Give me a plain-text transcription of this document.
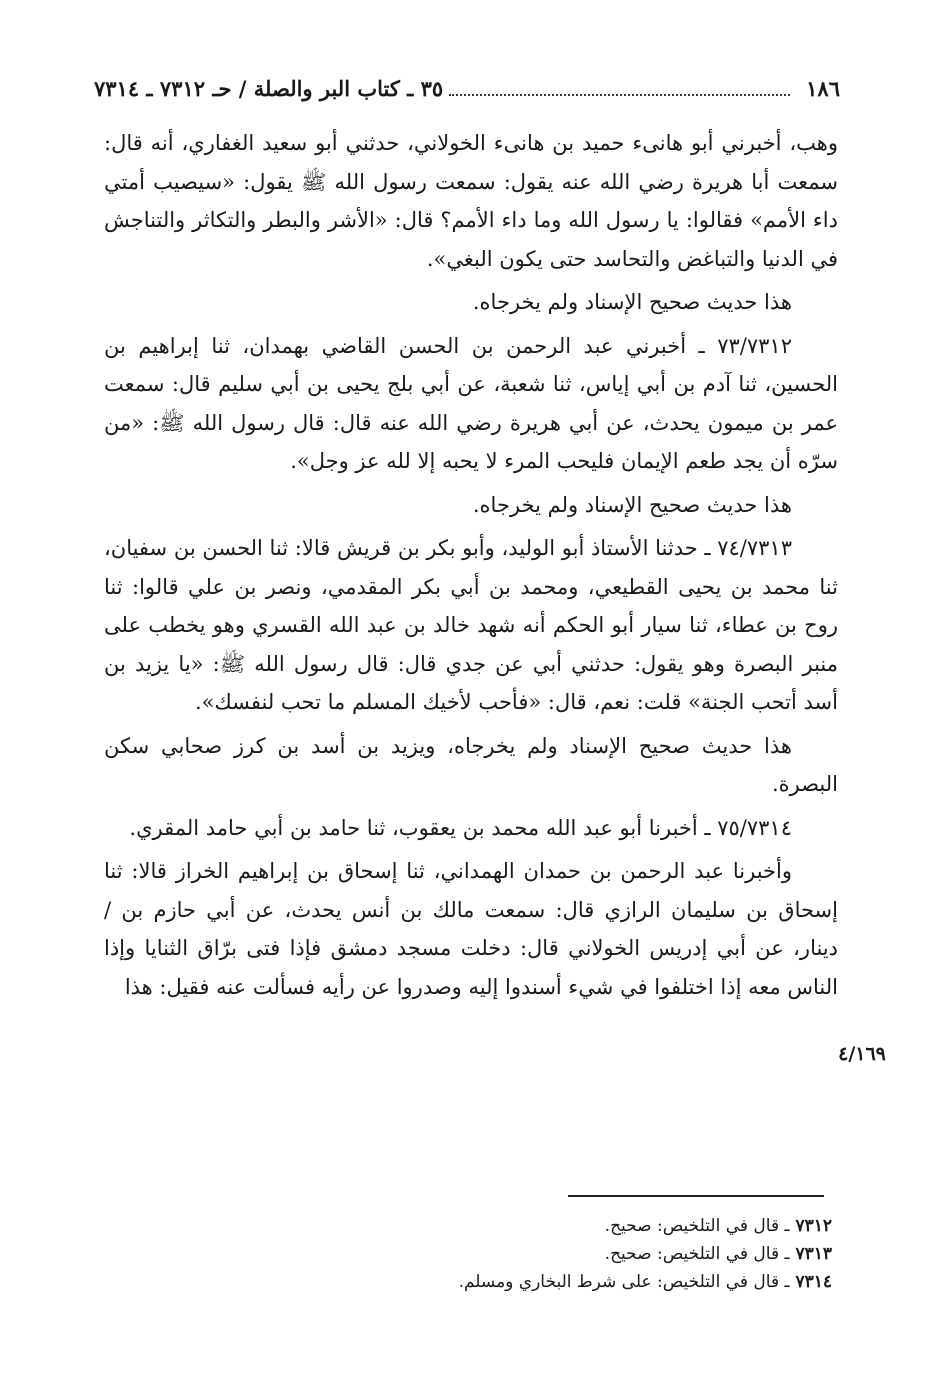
١٨٦
٣٥ ـ كتاب البر والصلة / حـ ٧٣١٢ ـ ٧٣١٤

وهب، أخبرني أبو هانىء حميد بن هانىء الخولاني، حدثني أبو سعيد الغفاري، أنه قال: سمعت أبا هريرة رضي الله عنه يقول: سمعت رسول الله ﷺ يقول: «سيصيب أمتي داء الأمم» فقالوا: يا رسول الله وما داء الأمم؟ قال: «الأشر والبطر والتكاثر والتناجش في الدنيا والتباغض والتحاسد حتى يكون البغي».

هذا حديث صحيح الإسناد ولم يخرجاه.

٧٣/٧٣١٢ ـ أخبرني عبد الرحمن بن الحسن القاضي بهمدان، ثنا إبراهيم بن الحسين، ثنا آدم بن أبي إياس، ثنا شعبة، عن أبي بلج يحيى بن أبي سليم قال: سمعت عمر بن ميمون يحدث، عن أبي هريرة رضي الله عنه قال: قال رسول الله ﷺ: «من سرّه أن يجد طعم الإيمان فليحب المرء لا يحبه إلا لله عز وجل».

هذا حديث صحيح الإسناد ولم يخرجاه.

٧٤/٧٣١٣ ـ حدثنا الأستاذ أبو الوليد، وأبو بكر بن قريش قالا: ثنا الحسن بن سفيان، ثنا محمد بن يحيى القطيعي، ومحمد بن أبي بكر المقدمي، ونصر بن علي قالوا: ثنا روح بن عطاء، ثنا سيار أبو الحكم أنه شهد خالد بن عبد الله القسري وهو يخطب على منبر البصرة وهو يقول: حدثني أبي عن جدي قال: قال رسول الله ﷺ: «يا يزيد بن أسد أتحب الجنة» قلت: نعم، قال: «فأحب لأخيك المسلم ما تحب لنفسك».

هذا حديث صحيح الإسناد ولم يخرجاه، ويزيد بن أسد بن كرز صحابي سكن البصرة.

٧٥/٧٣١٤ ـ أخبرنا أبو عبد الله محمد بن يعقوب، ثنا حامد بن أبي حامد المقري.

وأخبرنا عبد الرحمن بن حمدان الهمداني، ثنا إسحاق بن إبراهيم الخراز قالا: ثنا إسحاق بن سليمان الرازي قال: سمعت مالك بن أنس يحدث، عن أبي حازم بن / دينار، عن أبي إدريس الخولاني قال: دخلت مسجد دمشق فإذا فتى برّاق الثنايا وإذا الناس معه إذا اختلفوا في شيء أسندوا إليه وصدروا عن رأيه فسألت عنه فقيل: هذا

٤/١٦٩

٧٣١٢ـ قال في التلخيص: صحيح.

٧٣١٣ـ قال في التلخيص: صحيح.

٧٣١٤ـ قال في التلخيص: على شرط البخاري ومسلم.
